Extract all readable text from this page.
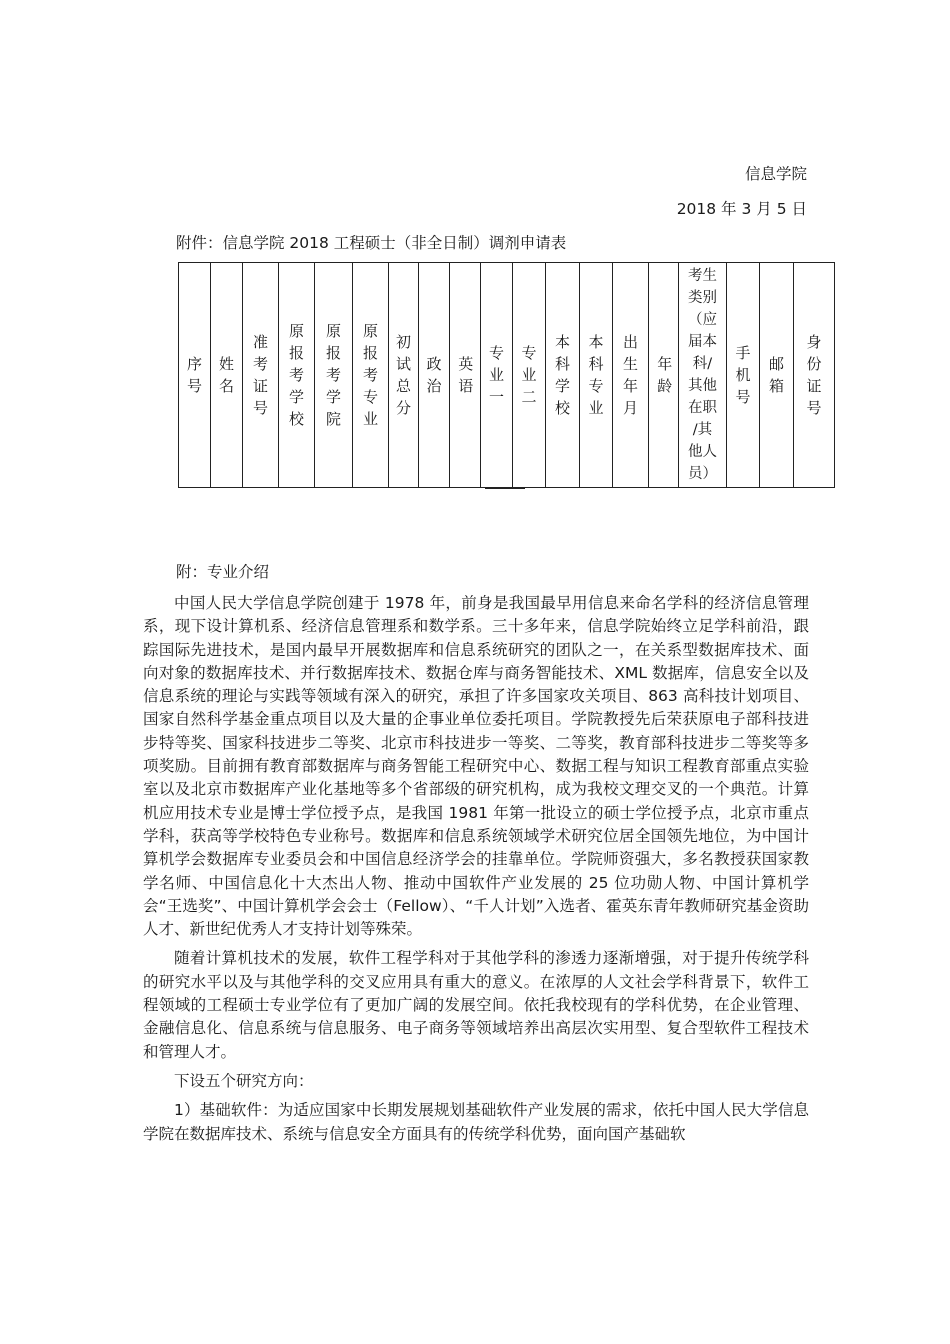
信息学院
2018 年 3 月 5 日
附件：信息学院 2018 工程硕士（非全日制）调剂申请表
序
号	姓
名	准
考
证
号	原
报
考
学
校	原
报
考
学
院	原
报
考
专
业	初
试
总
分	政
治	英
语	专
业
一	专
业
二	本
科
学
校	本
科
专
业	出
生
年
月	年
龄	考生
类别
（应
届本
科/
其他
在职
/其
他人
员）	手
机
号	邮
箱	身
份
证
号
附：专业介绍

中国人民大学信息学院创建于 1978 年，前身是我国最早用信息来命名学科的经济信息管理系，现下设计算机系、经济信息管理系和数学系。三十多年来，信息学院始终立足学科前沿，跟踪国际先进技术，是国内最早开展数据库和信息系统研究的团队之一，在关系型数据库技术、面向对象的数据库技术、并行数据库技术、数据仓库与商务智能技术、XML 数据库，信息安全以及信息系统的理论与实践等领域有深入的研究，承担了许多国家攻关项目、863 高科技计划项目、国家自然科学基金重点项目以及大量的企事业单位委托项目。学院教授先后荣获原电子部科技进步特等奖、国家科技进步二等奖、北京市科技进步一等奖、二等奖，教育部科技进步二等奖等多项奖励。目前拥有教育部数据库与商务智能工程研究中心、数据工程与知识工程教育部重点实验室以及北京市数据库产业化基地等多个省部级的研究机构，成为我校文理交叉的一个典范。计算机应用技术专业是博士学位授予点，是我国 1981 年第一批设立的硕士学位授予点，北京市重点学科，获高等学校特色专业称号。数据库和信息系统领域学术研究位居全国领先地位，为中国计算机学会数据库专业委员会和中国信息经济学会的挂靠单位。学院师资强大，多名教授获国家教学名师、中国信息化十大杰出人物、推动中国软件产业发展的 25 位功勋人物、中国计算机学会“王选奖”、中国计算机学会会士（Fellow）、“千人计划”入选者、霍英东青年教师研究基金资助人才、新世纪优秀人才支持计划等殊荣。

随着计算机技术的发展，软件工程学科对于其他学科的渗透力逐渐增强，对于提升传统学科的研究水平以及与其他学科的交叉应用具有重大的意义。在浓厚的人文社会学科背景下，软件工程领域的工程硕士专业学位有了更加广阔的发展空间。依托我校现有的学科优势，在企业管理、金融信息化、信息系统与信息服务、电子商务等领域培养出高层次实用型、复合型软件工程技术和管理人才。

下设五个研究方向：

1）基础软件：为适应国家中长期发展规划基础软件产业发展的需求，依托中国人民大学信息学院在数据库技术、系统与信息安全方面具有的传统学科优势，面向国产基础软
